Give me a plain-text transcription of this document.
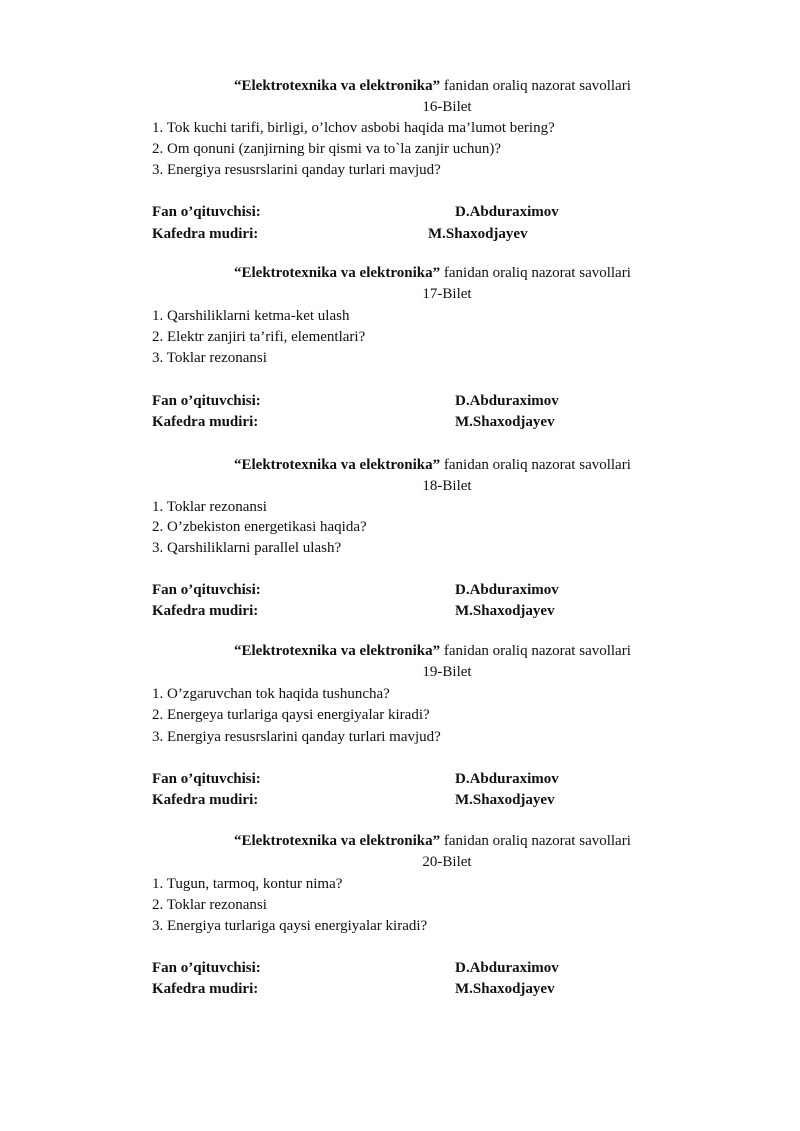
“Elektrotexnika va elektronika” fanidan oraliq nazorat savollari
16-Bilet
1. Tok kuchi tarifi, birligi, o’lchov asbobi haqida ma’lumot bering?
2. Om qonuni (zanjirning bir qismi va to`la zanjir uchun)?
3. Energiya resusrslarini qanday turlari mavjud?
Fan o’qituvchisi:	D.Abduraximov
Kafedra mudiri:	M.Shaxodjayev
“Elektrotexnika va elektronika” fanidan oraliq nazorat savollari
17-Bilet
1. Qarshiliklarni ketma-ket ulash
2. Elektr zanjiri ta’rifi, elementlari?
3. Toklar rezonansi
Fan o’qituvchisi:	D.Abduraximov
Kafedra mudiri:	M.Shaxodjayev
“Elektrotexnika va elektronika” fanidan oraliq nazorat savollari
18-Bilet
1. Toklar rezonansi
2. O’zbekiston energetikasi haqida?
3. Qarshiliklarni parallel ulash?
Fan o’qituvchisi:	D.Abduraximov
Kafedra mudiri:	M.Shaxodjayev
“Elektrotexnika va elektronika” fanidan oraliq nazorat savollari
19-Bilet
1. O’zgaruvchan tok haqida tushuncha?
2. Energeya turlariga qaysi energiyalar kiradi?
3. Energiya resusrslarini qanday turlari mavjud?
Fan o’qituvchisi:	D.Abduraximov
Kafedra mudiri:	M.Shaxodjayev
“Elektrotexnika va elektronika” fanidan oraliq nazorat savollari
20-Bilet
1. Tugun, tarmoq, kontur nima?
2. Toklar rezonansi
3. Energiya turlariga qaysi energiyalar kiradi?
Fan o’qituvchisi:	D.Abduraximov
Kafedra mudiri:	M.Shaxodjayev
